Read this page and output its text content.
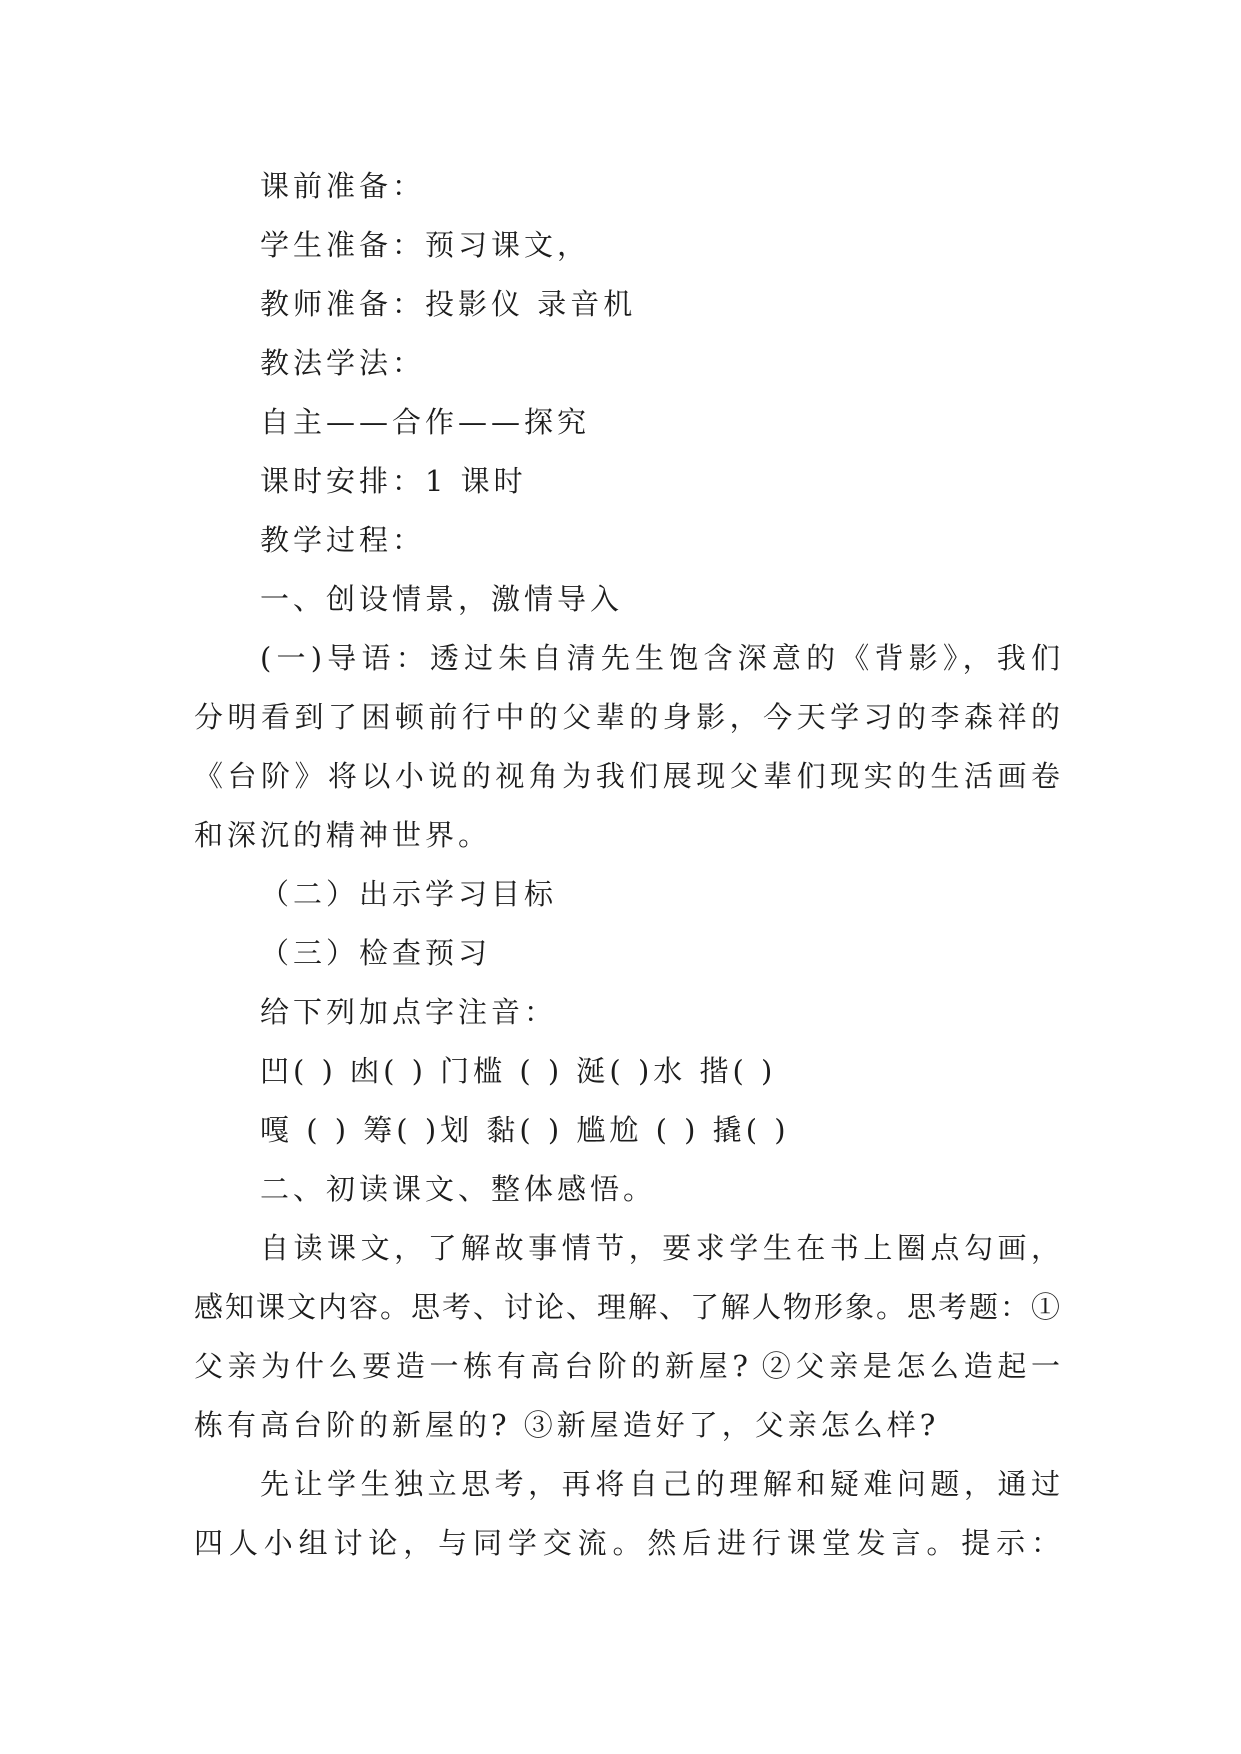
课前准备：
学生准备：预习课文，
教师准备：投影仪 录音机
教法学法：
自主——合作——探究
课时安排：1 课时
教学过程：
一、创设情景，激情导入
(一)导语：透过朱自清先生饱含深意的《背影》，我们
分明看到了困顿前行中的父辈的身影，今天学习的李森祥的
《台阶》将以小说的视角为我们展现父辈们现实的生活画卷
和深沉的精神世界。
（二）出示学习目标
（三）检查预习
给下列加点字注音：
凹( ) 凼( ) 门槛 ( ) 涎( )水 揩( )
嘎 ( ) 筹( )划 黏( ) 尴尬 ( ) 撬( )
二、初读课文、整体感悟。
自读课文，了解故事情节，要求学生在书上圈点勾画，
感知课文内容。思考、讨论、理解、了解人物形象。思考题：①
父亲为什么要造一栋有高台阶的新屋? ②父亲是怎么造起一
栋有高台阶的新屋的? ③新屋造好了，父亲怎么样?
先让学生独立思考，再将自己的理解和疑难问题，通过
四人小组讨论，与同学交流。然后进行课堂发言。提示：
